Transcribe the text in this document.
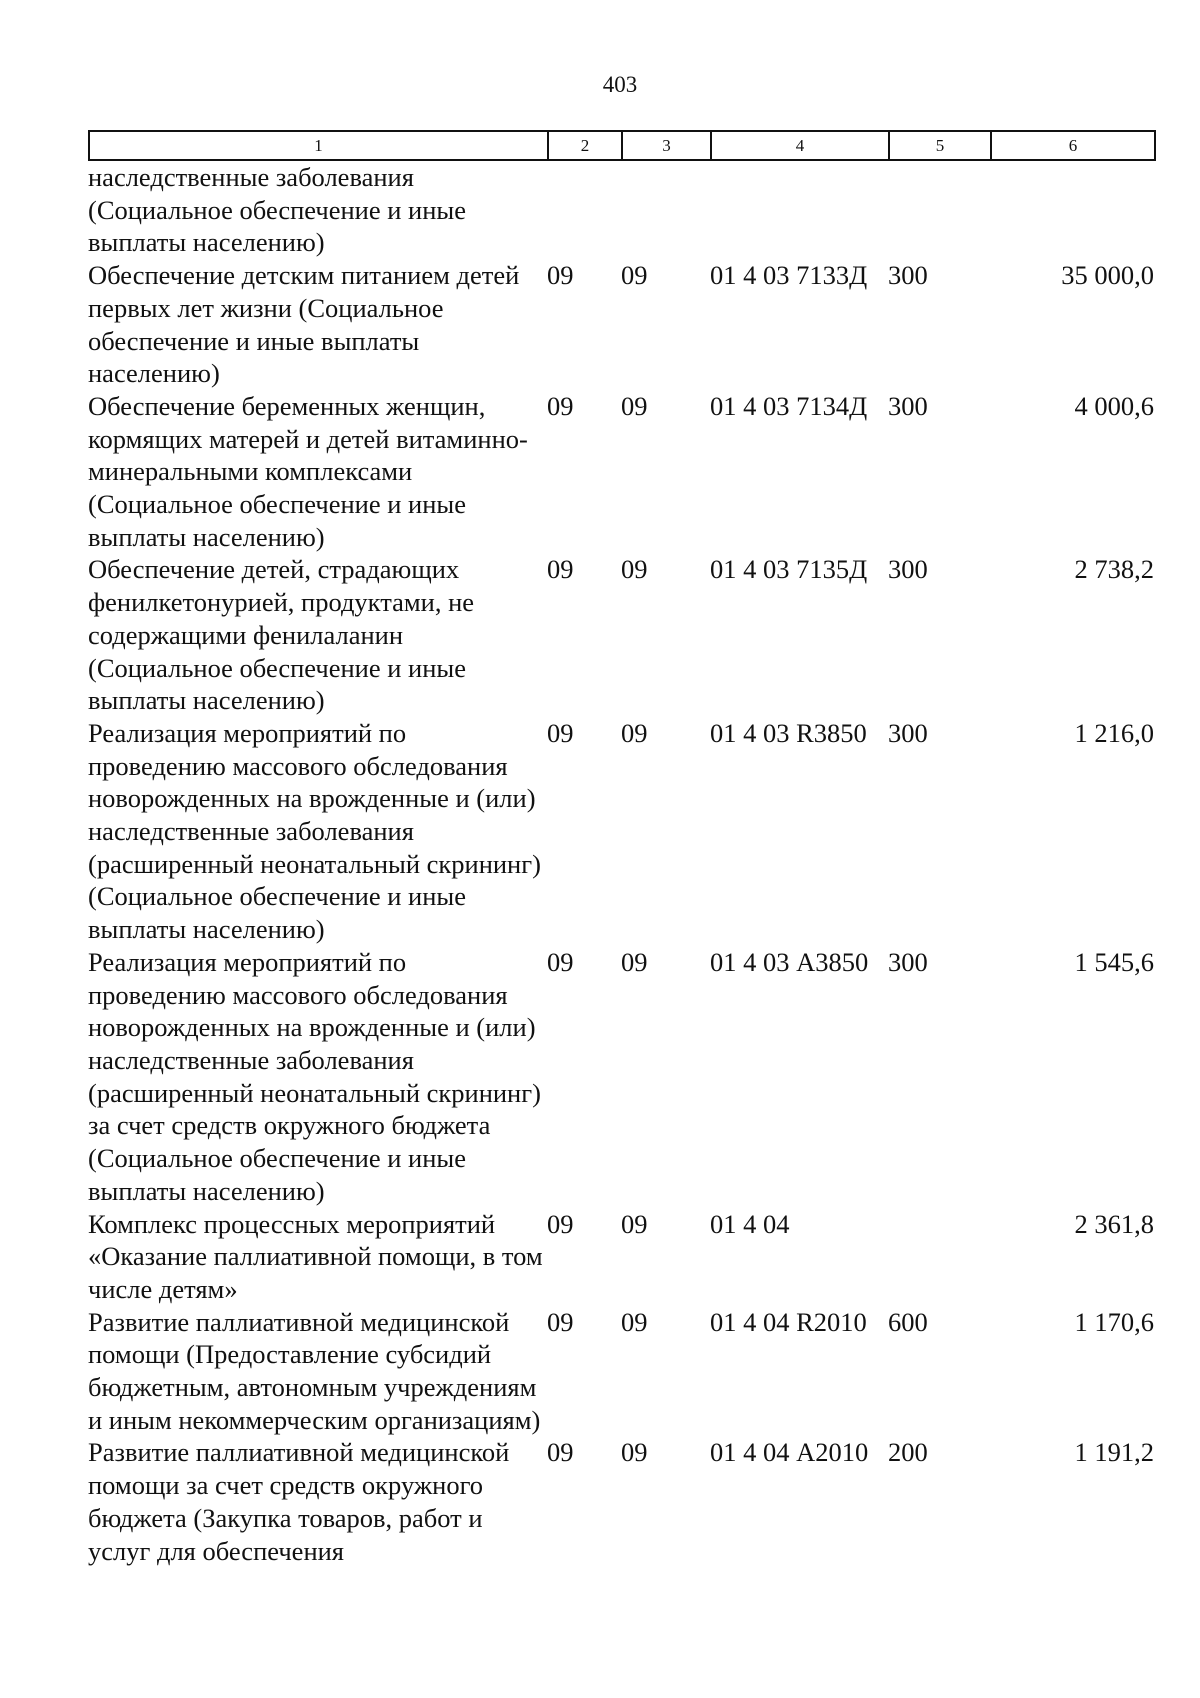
403
1	2	3	4	5	6
наследственные заболевания (Социальное обеспечение и иные выплаты населению)					
Обеспечение детским питанием детей первых лет жизни (Социальное обеспечение и иные выплаты населению)	09	09	01 4 03 7133Д	300	35 000,0
Обеспечение беременных женщин, кормящих матерей и детей витаминно-минеральными комплексами (Социальное обеспечение и иные выплаты населению)	09	09	01 4 03 7134Д	300	4 000,6
Обеспечение детей, страдающих фенилкетонурией, продуктами, не содержащими фенилаланин (Социальное обеспечение и иные выплаты населению)	09	09	01 4 03 7135Д	300	2 738,2
Реализация мероприятий по проведению массового обследования новорожденных на врожденные и (или) наследственные заболевания (расширенный неонатальный скрининг) (Социальное обеспечение и иные выплаты населению)	09	09	01 4 03 R3850	300	1 216,0
Реализация мероприятий по проведению массового обследования новорожденных на врожденные и (или) наследственные заболевания (расширенный неонатальный скрининг) за счет средств окружного бюджета (Социальное обеспечение и иные выплаты населению)	09	09	01 4 03 А3850	300	1 545,6
Комплекс процессных мероприятий «Оказание паллиативной помощи, в том числе детям»	09	09	01 4 04		2 361,8
Развитие паллиативной медицинской помощи (Предоставление субсидий бюджетным, автономным учреждениям и иным некоммерческим организациям)	09	09	01 4 04 R2010	600	1 170,6
Развитие паллиативной медицинской помощи за счет средств окружного бюджета (Закупка товаров, работ и услуг для обеспечения	09	09	01 4 04 А2010	200	1 191,2
